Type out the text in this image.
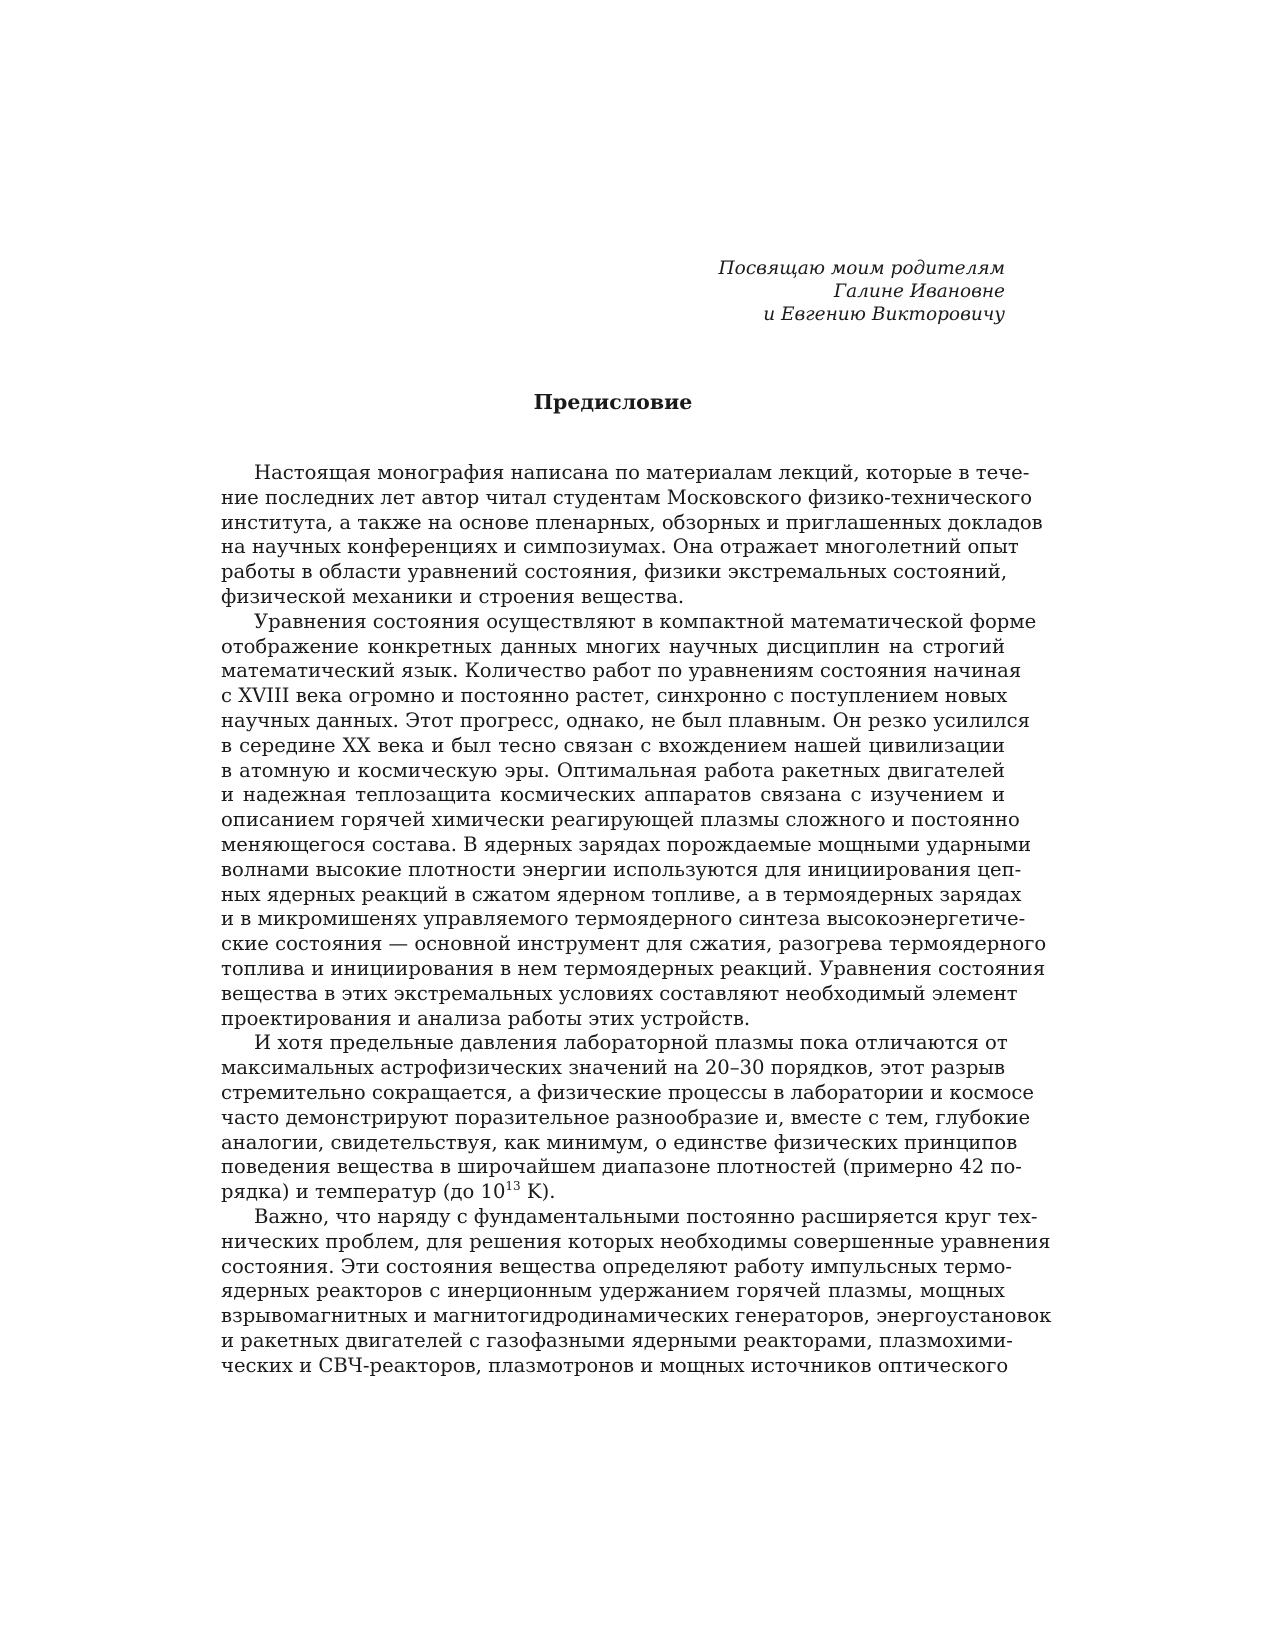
Посвящаю моим родителям
Галине Ивановне
и Евгению Викторовичу
Предисловие
Настоящая монография написана по материалам лекций, которые в тече-
ние последних лет автор читал студентам Московского физико-технического
института, а также на основе пленарных, обзорных и приглашенных докладов
на научных конференциях и симпозиумах. Она отражает многолетний опыт
работы в области уравнений состояния, физики экстремальных состояний,
физической механики и строения вещества.
Уравнения состояния осуществляют в компактной математической форме
отображение конкретных данных многих научных дисциплин на строгий
математический язык. Количество работ по уравнениям состояния начиная
с XVIII века огромно и постоянно растет, синхронно с поступлением новых
научных данных. Этот прогресс, однако, не был плавным. Он резко усилился
в середине XX века и был тесно связан с вхождением нашей цивилизации
в атомную и космическую эры. Оптимальная работа ракетных двигателей
и надежная теплозащита космических аппаратов связана с изучением и
описанием горячей химически реагирующей плазмы сложного и постоянно
меняющегося состава. В ядерных зарядах порождаемые мощными ударными
волнами высокие плотности энергии используются для инициирования цеп-
ных ядерных реакций в сжатом ядерном топливе, а в термоядерных зарядах
и в микромишенях управляемого термоядерного синтеза высокоэнергетиче-
ские состояния — основной инструмент для сжатия, разогрева термоядерного
топлива и инициирования в нем термоядерных реакций. Уравнения состояния
вещества в этих экстремальных условиях составляют необходимый элемент
проектирования и анализа работы этих устройств.
И хотя предельные давления лабораторной плазмы пока отличаются от
максимальных астрофизических значений на 20–30 порядков, этот разрыв
стремительно сокращается, а физические процессы в лаборатории и космосе
часто демонстрируют поразительное разнообразие и, вместе с тем, глубокие
аналогии, свидетельствуя, как минимум, о единстве физических принципов
поведения вещества в широчайшем диапазоне плотностей (примерно 42 по-
рядка) и температур (до $10^{13}$ K).
Важно, что наряду с фундаментальными постоянно расширяется круг тех-
нических проблем, для решения которых необходимы совершенные уравнения
состояния. Эти состояния вещества определяют работу импульсных термо-
ядерных реакторов с инерционным удержанием горячей плазмы, мощных
взрывомагнитных и магнитогидродинамических генераторов, энергоустановок
и ракетных двигателей с газофазными ядерными реакторами, плазмохими-
ческих и СВЧ-реакторов, плазмотронов и мощных источников оптического
